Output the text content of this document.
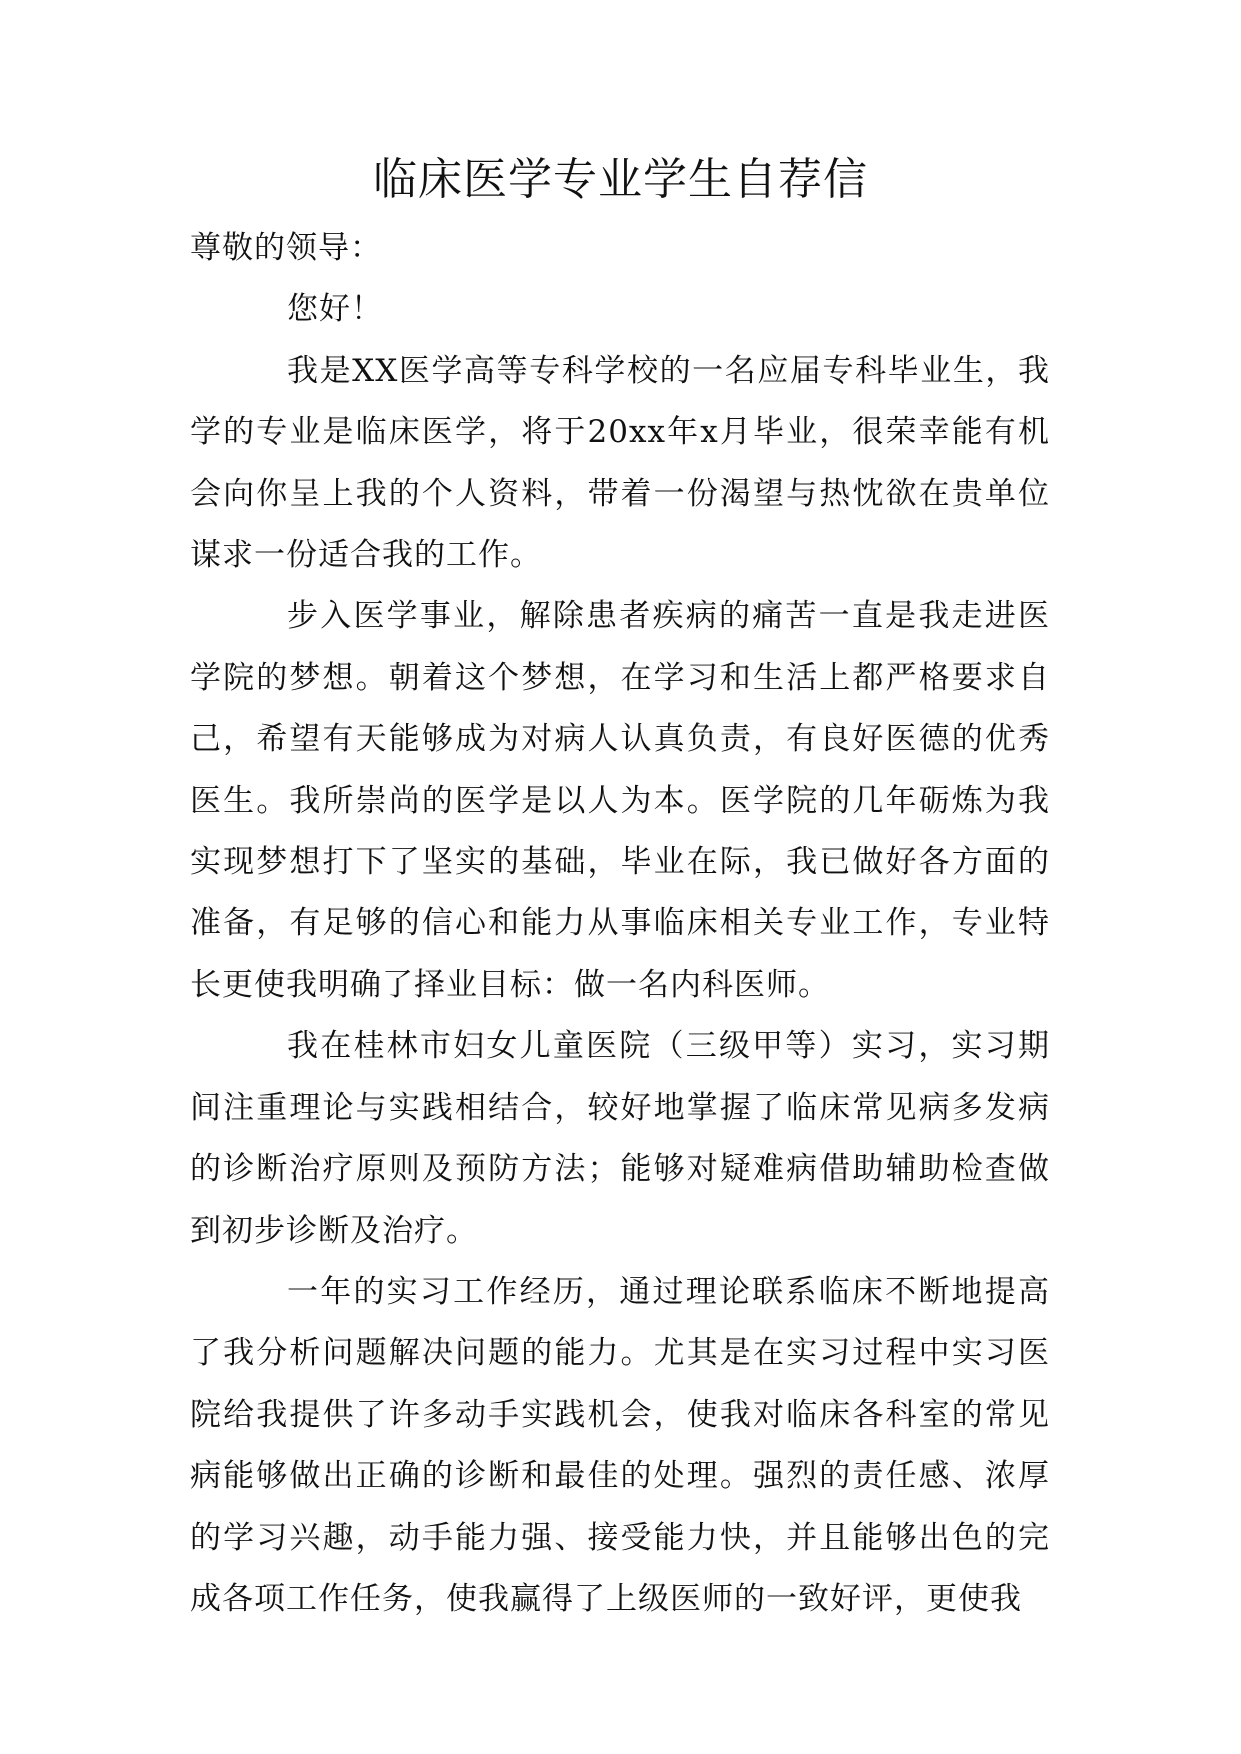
临床医学专业学生自荐信

尊敬的领导：

您好！

我是XX医学高等专科学校的一名应届专科毕业生，我学的专业是临床医学，将于20xx年x月毕业，很荣幸能有机会向你呈上我的个人资料，带着一份渴望与热忱欲在贵单位谋求一份适合我的工作。

步入医学事业，解除患者疾病的痛苦一直是我走进医学院的梦想。朝着这个梦想，在学习和生活上都严格要求自己，希望有天能够成为对病人认真负责，有良好医德的优秀医生。我所崇尚的医学是以人为本。医学院的几年砺炼为我实现梦想打下了坚实的基础，毕业在际，我已做好各方面的准备，有足够的信心和能力从事临床相关专业工作，专业特长更使我明确了择业目标：做一名内科医师。

我在桂林市妇女儿童医院（三级甲等）实习，实习期间注重理论与实践相结合，较好地掌握了临床常见病多发病的诊断治疗原则及预防方法；能够对疑难病借助辅助检查做到初步诊断及治疗。

一年的实习工作经历，通过理论联系临床不断地提高了我分析问题解决问题的能力。尤其是在实习过程中实习医院给我提供了许多动手实践机会，使我对临床各科室的常见病能够做出正确的诊断和最佳的处理。强烈的责任感、浓厚的学习兴趣，动手能力强、接受能力快，并且能够出色的完成各项工作任务，使我赢得了上级医师的一致好评，更使我
